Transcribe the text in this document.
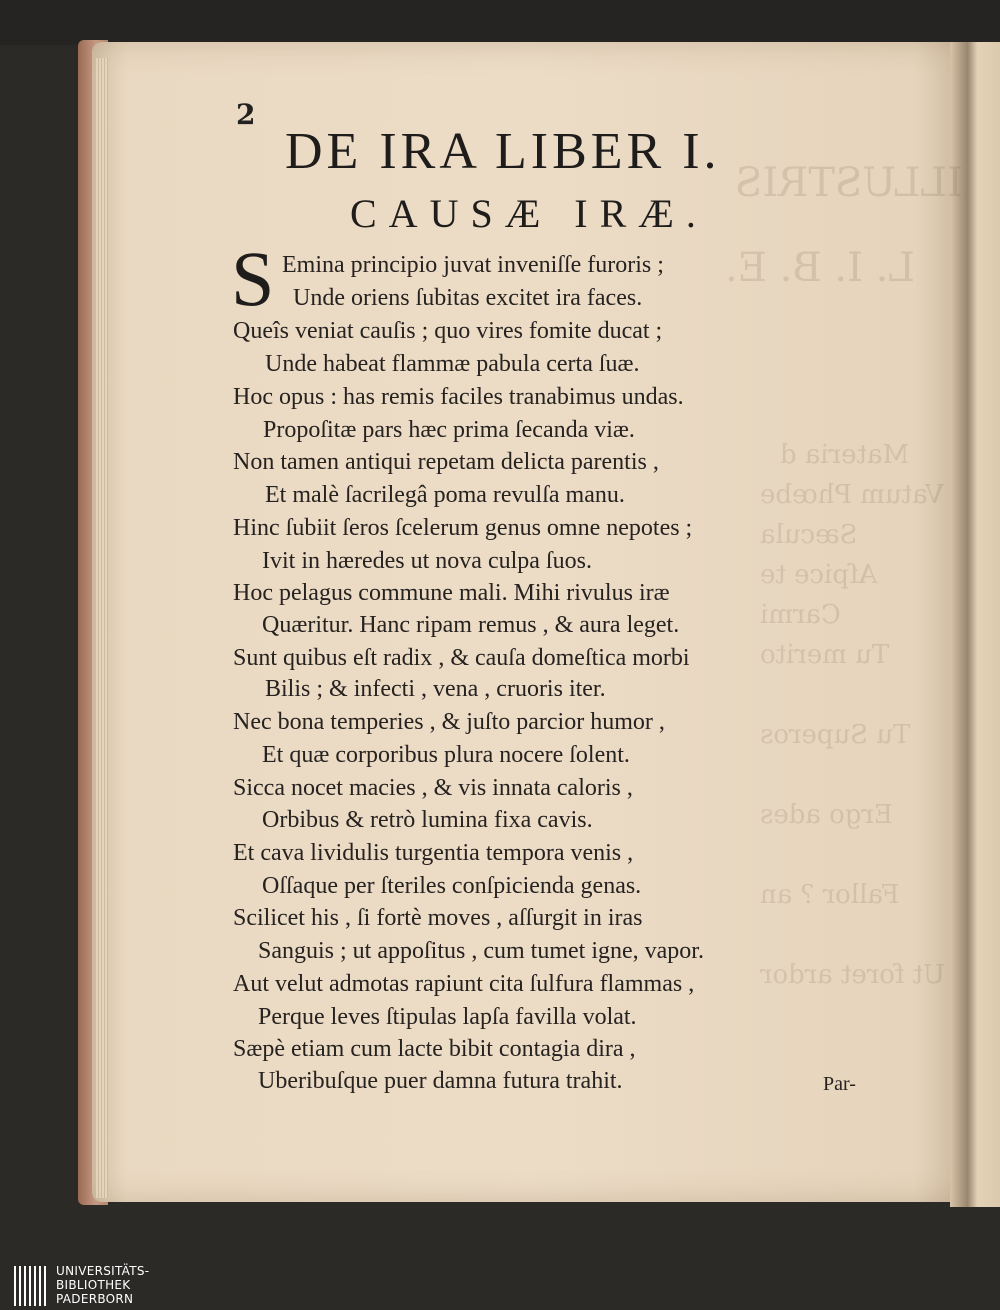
ILLUSTRIS
L. I. B. E.
Materia d
Vatum Phœbe
Sæcula
Aſpice te
Carmi
Tu merito
Tu Superos
Ergo ades
Fallor ? an
Ut foret ardor
2
DE IRA LIBER I.
CAUSÆ IRÆ.
S Emina principio juvat inveniſſe furoris ;
Unde oriens ſubitas excitet ira faces.
Queîs veniat cauſis ; quo vires fomite ducat ;
Unde habeat flammæ pabula certa ſuæ.
Hoc opus : has remis faciles tranabimus undas.
Propoſitæ pars hæc prima ſecanda viæ.
Non tamen antiqui repetam delicta parentis ,
Et malè ſacrilegâ poma revulſa manu.
Hinc ſubiit ſeros ſcelerum genus omne nepotes ;
Ivit in hæredes ut nova culpa ſuos.
Hoc pelagus commune mali. Mihi rivulus iræ
Quæritur. Hanc ripam remus , & aura leget.
Sunt quibus eſt radix , & cauſa domeſtica morbi
Bilis ; & infecti , vena , cruoris iter.
Nec bona temperies , & juſto parcior humor ,
Et quæ corporibus plura nocere ſolent.
Sicca nocet macies , & vis innata caloris ,
Orbibus & retrò lumina fixa cavis.
Et cava lividulis turgentia tempora venis ,
Oſſaque per ſteriles conſpicienda genas.
Scilicet his , ſi fortè moves , aſſurgit in iras
Sanguis ; ut appoſitus , cum tumet igne, vapor.
Aut velut admotas rapiunt cita ſulfura flammas ,
Perque leves ſtipulas lapſa favilla volat.
Sæpè etiam cum lacte bibit contagia dira ,
Uberibuſque puer damna futura trahit.	Par-
UNIVERSITÄTS-
BIBLIOTHEK
PADERBORN
